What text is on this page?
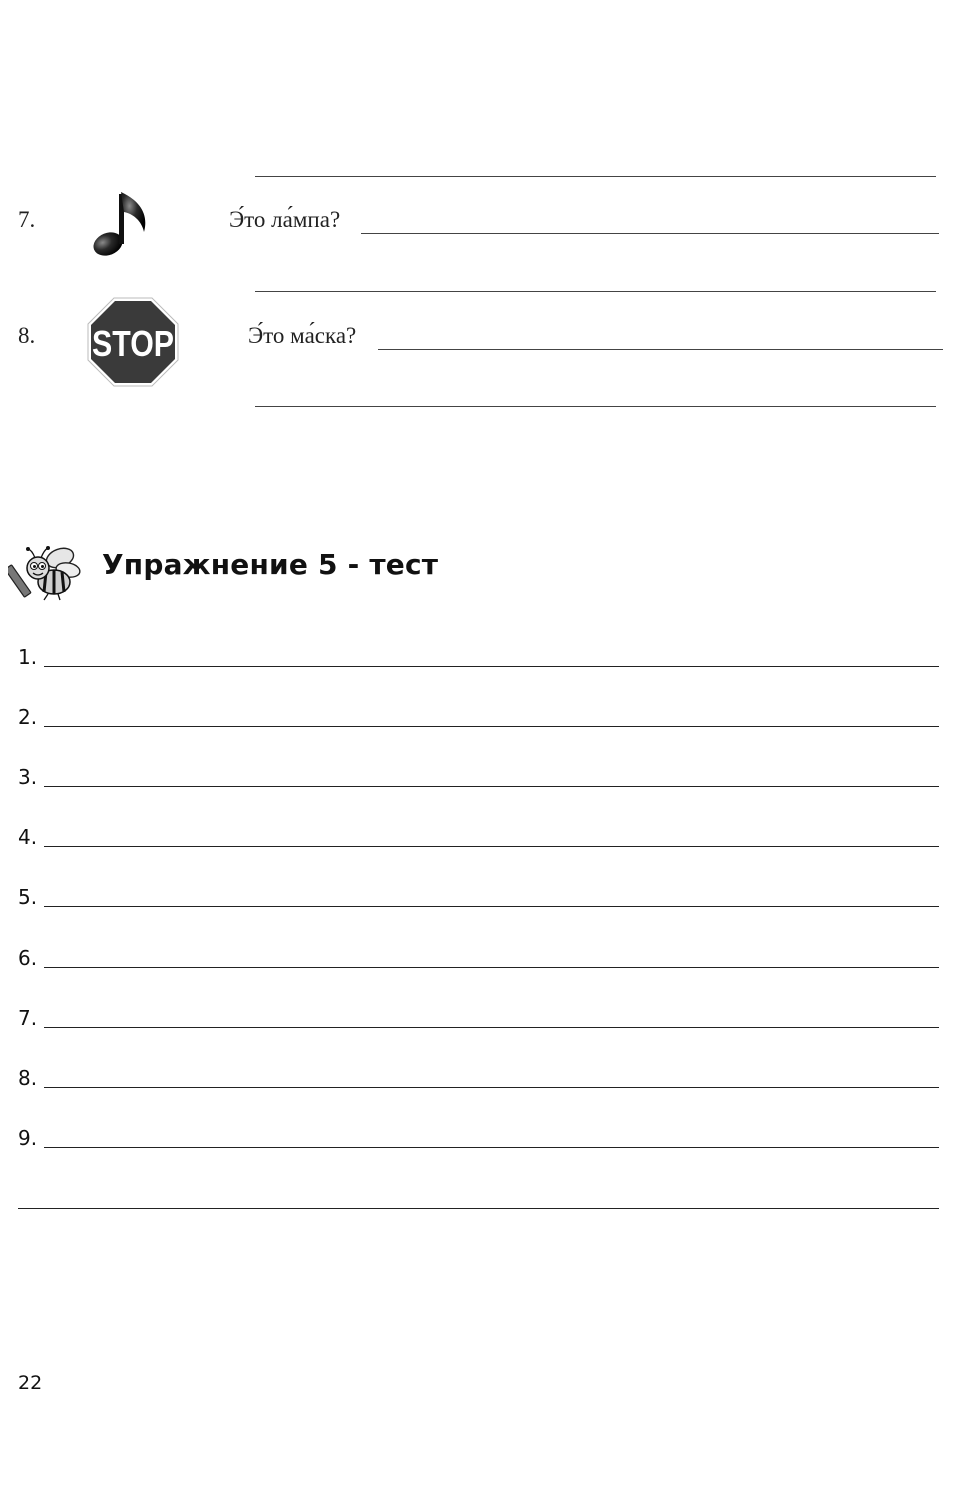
7.	Э́то ла́мпа?
8. STOP	Э́то ма́ска?
Упражнение 5 - тест
1.
2.
3.
4.
5.
6.
7.
8.
9.
22
